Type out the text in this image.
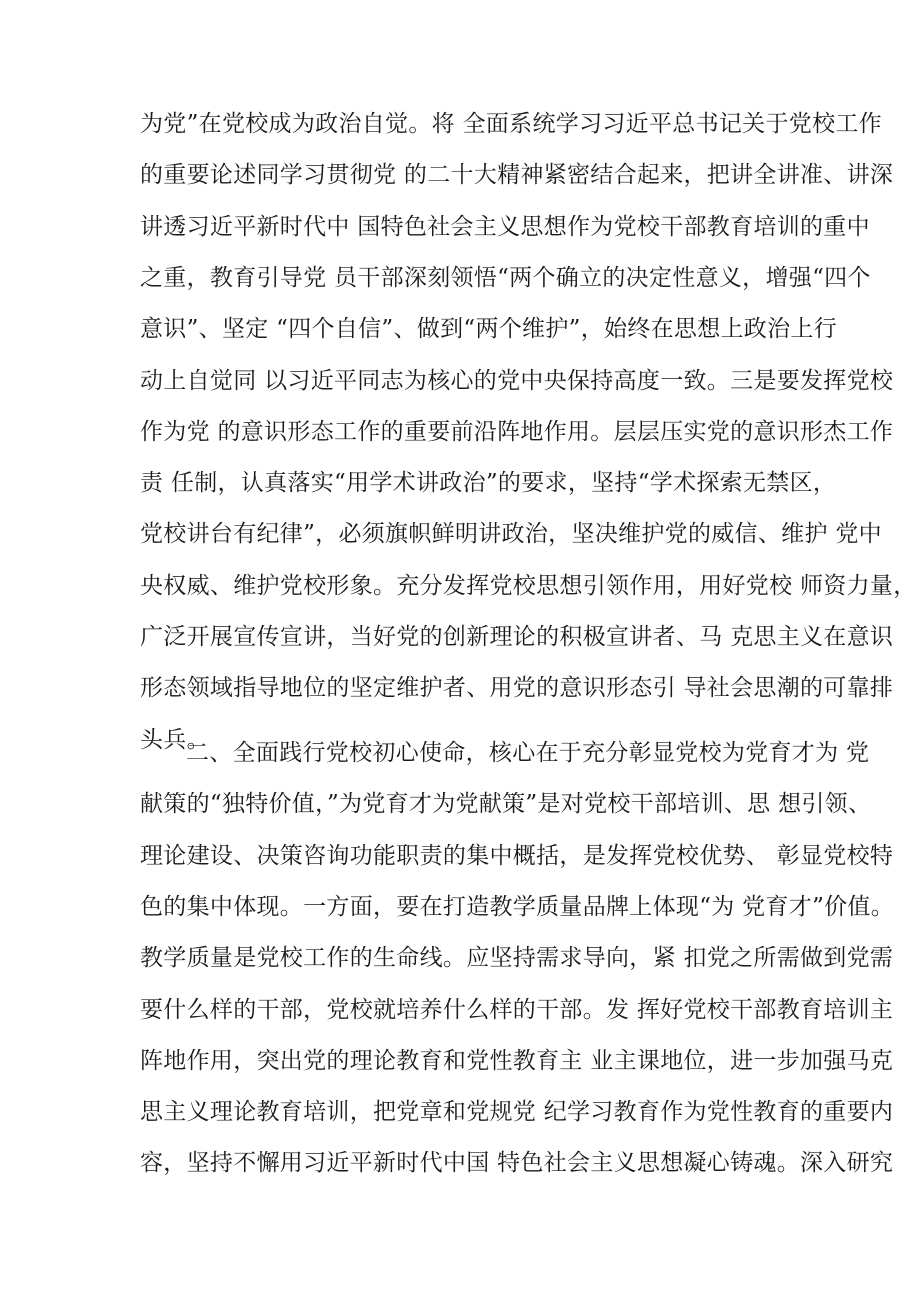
为党”在党校成为政治自觉。将 全面系统学习习近平总书记关于党校工作
的重要论述同学习贯彻党 的二十大精神紧密结合起来，把讲全讲准、讲深
讲透习近平新时代中 国特色社会主义思想作为党校干部教育培训的重中
之重，教育引导党 员干部深刻领悟“两个确立的决定性意义，增强“四个
意识”、坚定 “四个自信”、做到“两个维护”，始终在思想上政治上行
动上自觉同 以习近平同志为核心的党中央保持高度一致。三是要发挥党校
作为党 的意识形态工作的重要前沿阵地作用。层层压实党的意识形杰工作
责 任制，认真落实“用学术讲政治”的要求，坚持“学术探索无禁区，
党校讲台有纪律”，必须旗帜鲜明讲政治，坚决维护党的威信、维护 党中
央权威、维护党校形象。充分发挥党校思想引领作用，用好党校 师资力量，
广泛开展宣传宣讲，当好党的创新理论的积极宣讲者、马 克思主义在意识
形态领域指导地位的坚定维护者、用党的意识形态引 导社会思潮的可靠排
头兵。
二、全面践行党校初心使命，核心在于充分彰显党校为党育才为 党
献策的“独特价值，”为党育才为党献策”是对党校干部培训、思 想引领、
理论建设、决策咨询功能职责的集中概括，是发挥党校优势、 彰显党校特
色的集中体现。一方面，要在打造教学质量品牌上体现“为 党育才”价值。
教学质量是党校工作的生命线。应坚持需求导向，紧 扣党之所需做到党需
要什么样的干部，党校就培养什么样的干部。发 挥好党校干部教育培训主
阵地作用，突出党的理论教育和党性教育主 业主课地位，进一步加强马克
思主义理论教育培训，把党章和党规党 纪学习教育作为党性教育的重要内
容，坚持不懈用习近平新时代中国 特色社会主义思想凝心铸魂。深入研究
